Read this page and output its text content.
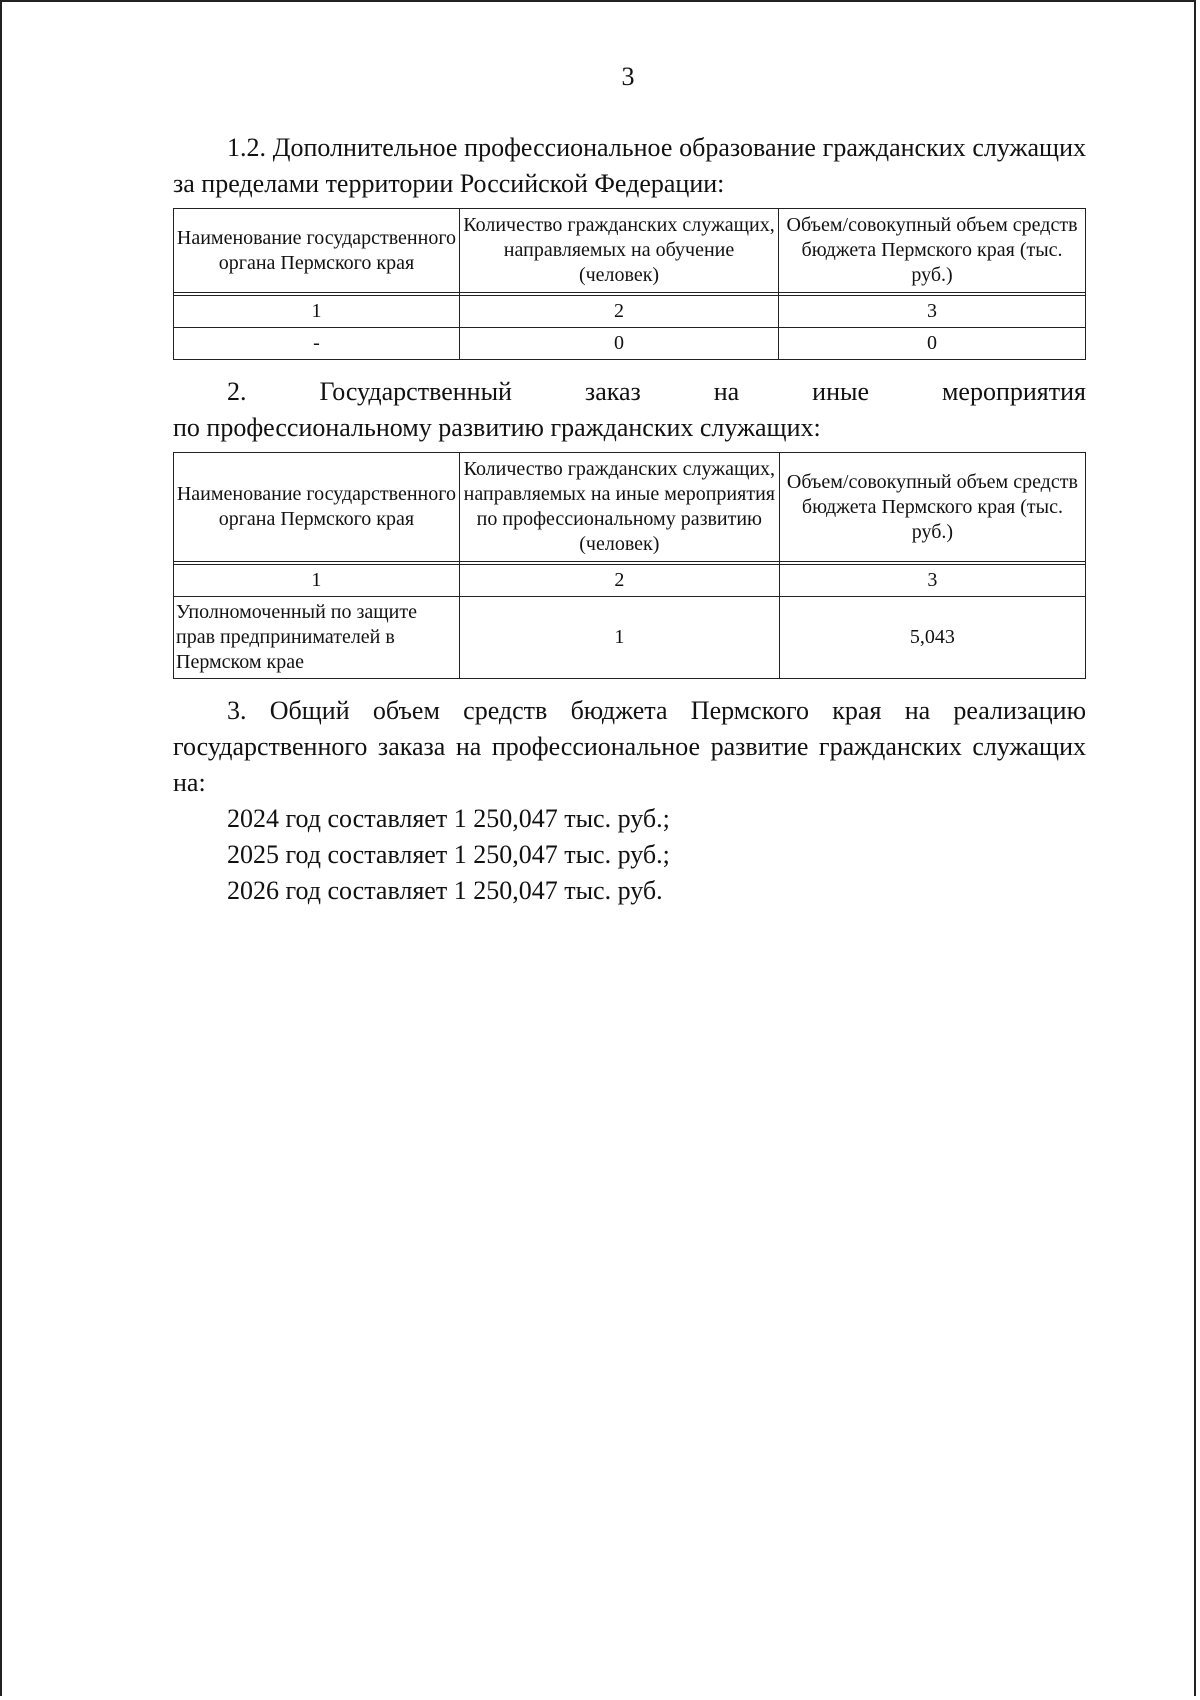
3

1.2. Дополнительное профессиональное образование гражданских служащих за пределами территории Российской Федерации:

Наименование государственного органа Пермского края	Количество гражданских служащих, направляемых на обучение (человек)	Объем/совокупный объем средств бюджета Пермского края (тыс. руб.)

1	2	3
-	0	0

2. Государственный заказ на иные мероприятия

по профессиональному развитию гражданских служащих:

Наименование государственного органа Пермского края	Количество гражданских служащих, направляемых на иные мероприятия по профессиональному развитию (человек)	Объем/совокупный объем средств бюджета Пермского края (тыс. руб.)

1	2	3
Уполномоченный по защите прав предпринимателей в Пермском крае	1	5,043

3. Общий объем средств бюджета Пермского края на реализацию государственного заказа на профессиональное развитие гражданских служащих на:

2024 год составляет 1 250,047 тыс. руб.;

2025 год составляет 1 250,047 тыс. руб.;

2026 год составляет 1 250,047 тыс. руб.
